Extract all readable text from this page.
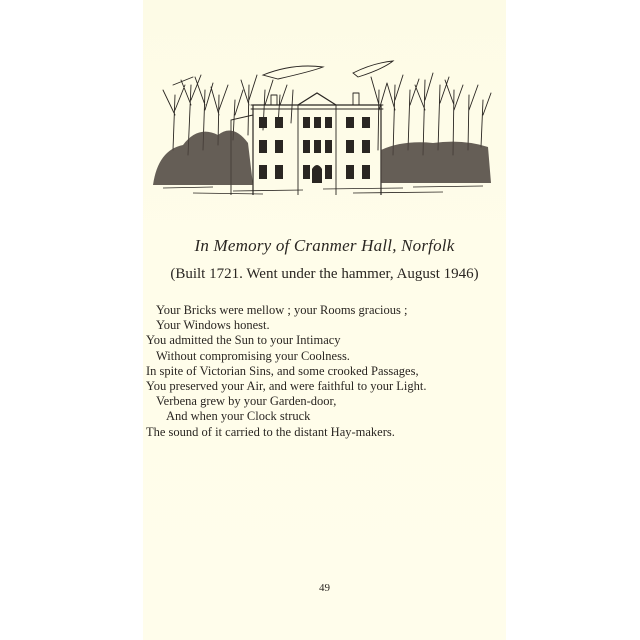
In Memory of Cranmer Hall, Norfolk
(Built 1721. Went under the hammer, August 1946)
Your Bricks were mellow ; your Rooms gracious ;
Your Windows honest.
You admitted the Sun to your Intimacy
Without compromising your Coolness.
In spite of Victorian Sins, and some crooked Passages,
You preserved your Air, and were faithful to your Light.
Verbena grew by your Garden-door,
And when your Clock struck
The sound of it carried to the distant Hay-makers.
49
